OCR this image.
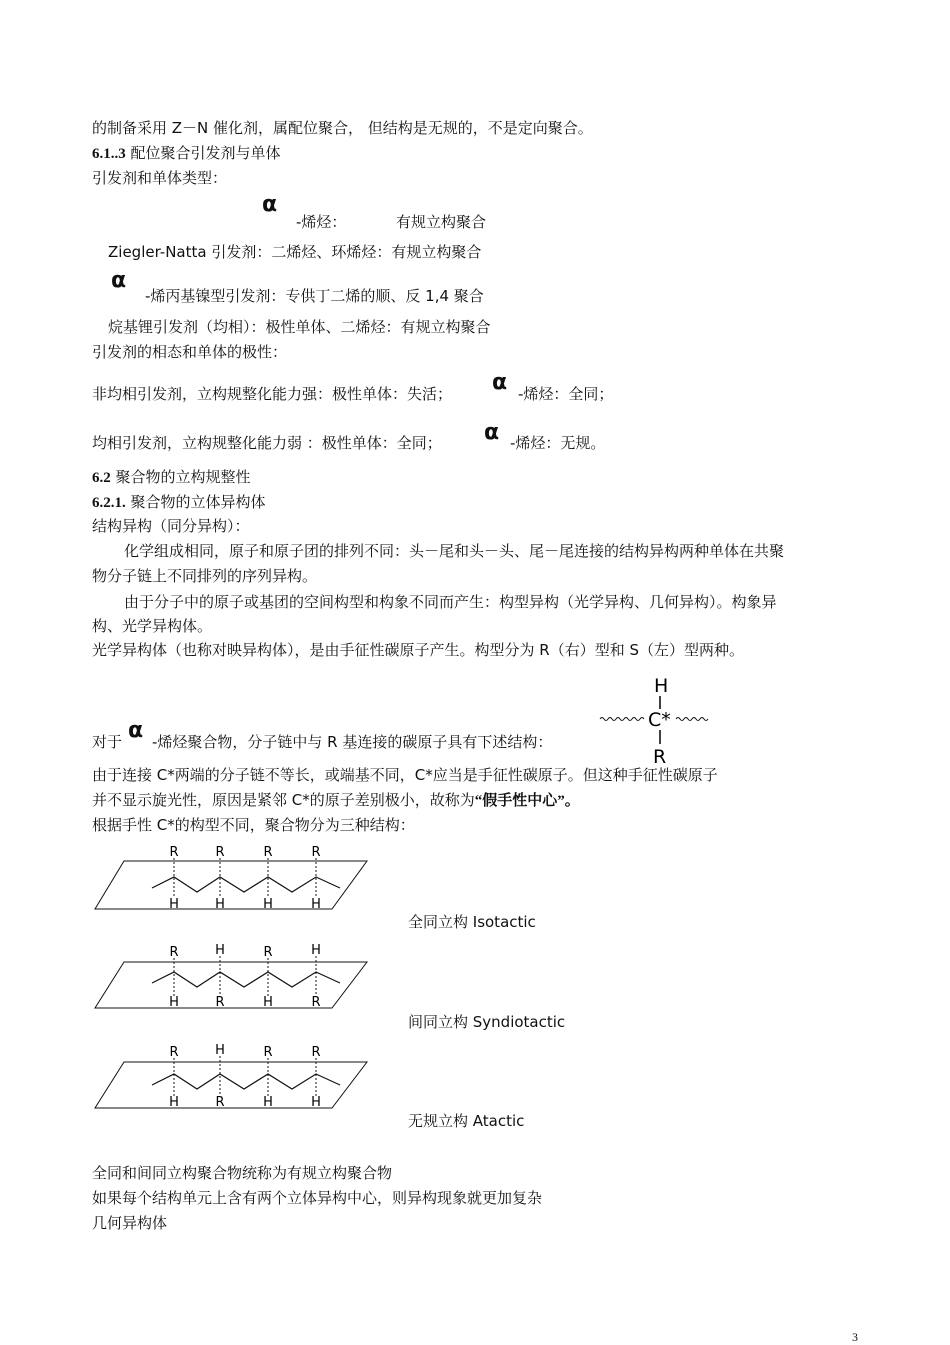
的制备采用 Z－N 催化剂，属配位聚合， 但结构是无规的，不是定向聚合。
6.1..3 配位聚合引发剂与单体
引发剂和单体类型：
α
-烯烃：	有规立构聚合
Ziegler-Natta 引发剂：二烯烃、环烯烃：有规立构聚合
α
-烯丙基镍型引发剂：专供丁二烯的顺、反 1,4 聚合
烷基锂引发剂（均相）：极性单体、二烯烃：有规立构聚合
引发剂的相态和单体的极性：
非均相引发剂，立构规整化能力强：极性单体：失活； α -烯烃：全同；
均相引发剂，立构规整化能力弱 ：极性单体：全同； α -烯烃：无规。
6.2 聚合物的立构规整性
6.2.1. 聚合物的立体异构体
结构异构（同分异构）：
化学组成相同，原子和原子团的排列不同：头－尾和头－头、尾－尾连接的结构异构两种单体在共聚
物分子链上不同排列的序列异构。
由于分子中的原子或基团的空间构型和构象不同而产生：构型异构（光学异构、几何异构）。构象异
构、光学异构体。
光学异构体（也称对映异构体），是由手征性碳原子产生。构型分为 R（右）型和 S（左）型两种。
对于 α -烯烃聚合物，分子链中与 R 基连接的碳原子具有下述结构：
H
C*
R
由于连接 C*两端的分子链不等长，或端基不同，C*应当是手征性碳原子。但这种手征性碳原子
并不显示旋光性，原因是紧邻 C*的原子差别极小，故称为“假手性中心”。
根据手性 C*的构型不同，聚合物分为三种结构：
R	R	R	R
H	H	H	H
全同立构 Isotactic
R	H	R	H
H	R	H	R
间同立构 Syndiotactic
R	H	R	R
H	R	H	H
无规立构 Atactic
全同和间同立构聚合物统称为有规立构聚合物
如果每个结构单元上含有两个立体异构中心，则异构现象就更加复杂
几何异构体
3
